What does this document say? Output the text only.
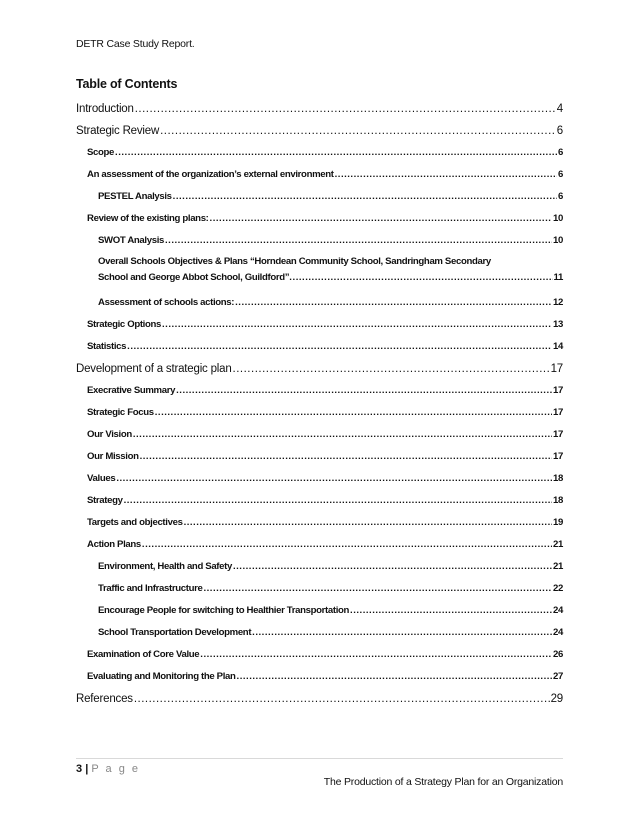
DETR Case Study Report.
Table of Contents
Introduction .....	4
Strategic Review .....	6
Scope .....	6
An assessment of the organization’s external environment .....	6
PESTEL Analysis .....	6
Review of the existing plans: .....	10
SWOT Analysis .....	10
Overall Schools Objectives & Plans “Horndean Community School, Sandringham Secondary
School and George Abbot School, Guildford”. .....	11
Assessment of schools actions: .....	12
Strategic Options .....	13
Statistics .....	14
Development of a strategic plan .....	17
Execrative Summary .....	17
Strategic Focus .....	17
Our Vision .....	17
Our Mission .....	17
Values .....	18
Strategy .....	18
Targets and objectives .....	19
Action Plans .....	21
Environment, Health and Safety .....	21
Traffic and Infrastructure .....	22
Encourage People for switching to Healthier Transportation .....	24
School Transportation Development .....	24
Examination of Core Value .....	26
Evaluating and Monitoring the Plan .....	27
References .....	29
3 | P a g e
The Production of a Strategy Plan for an Organization
